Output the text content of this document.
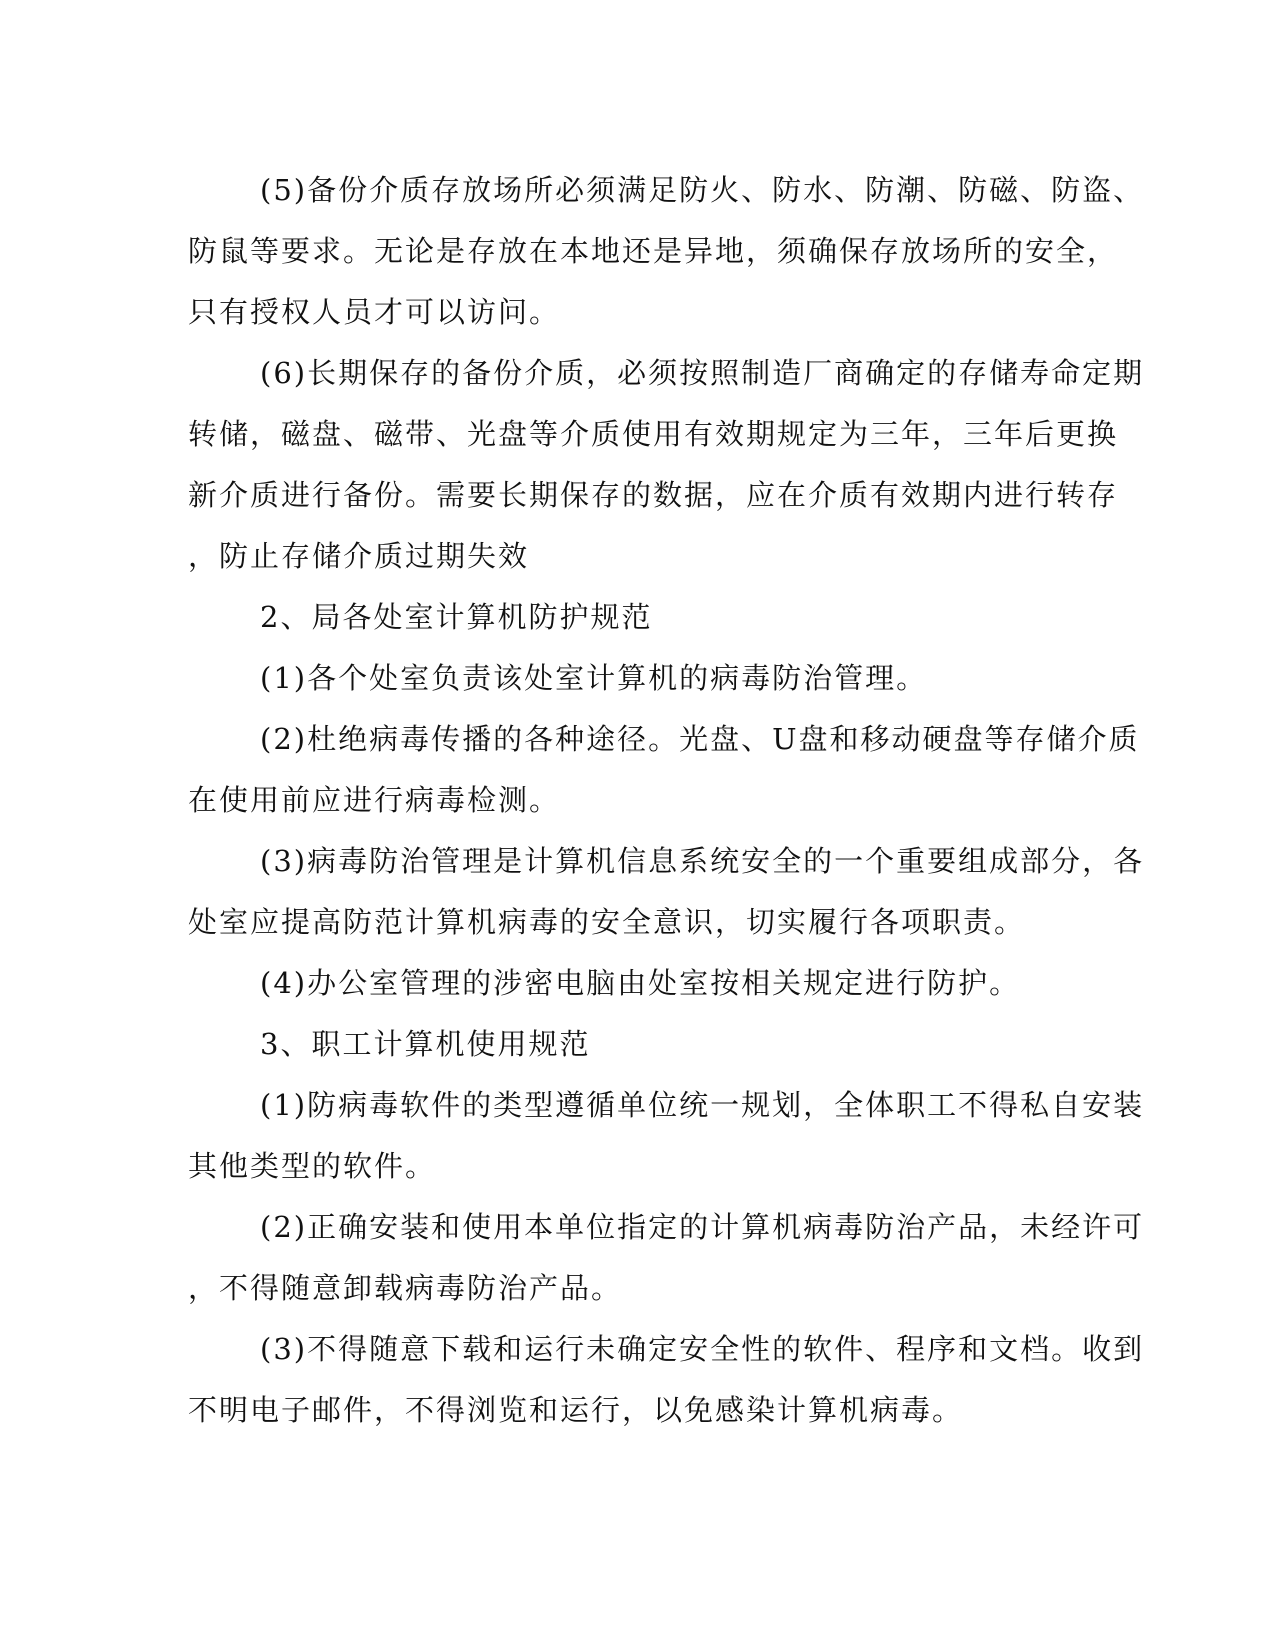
(5)备份介质存放场所必须满足防火、防水、防潮、防磁、防盗、

防鼠等要求。无论是存放在本地还是异地，须确保存放场所的安全，

只有授权人员才可以访问。

(6)长期保存的备份介质，必须按照制造厂商确定的存储寿命定期

转储，磁盘、磁带、光盘等介质使用有效期规定为三年，三年后更换

新介质进行备份。需要长期保存的数据，应在介质有效期内进行转存

，防止存储介质过期失效

2、局各处室计算机防护规范

(1)各个处室负责该处室计算机的病毒防治管理。

(2)杜绝病毒传播的各种途径。光盘、U盘和移动硬盘等存储介质

在使用前应进行病毒检测。

(3)病毒防治管理是计算机信息系统安全的一个重要组成部分，各

处室应提高防范计算机病毒的安全意识，切实履行各项职责。

(4)办公室管理的涉密电脑由处室按相关规定进行防护。

3、职工计算机使用规范

(1)防病毒软件的类型遵循单位统一规划，全体职工不得私自安装

其他类型的软件。

(2)正确安装和使用本单位指定的计算机病毒防治产品，未经许可

，不得随意卸载病毒防治产品。

(3)不得随意下载和运行未确定安全性的软件、程序和文档。收到

不明电子邮件，不得浏览和运行，以免感染计算机病毒。
